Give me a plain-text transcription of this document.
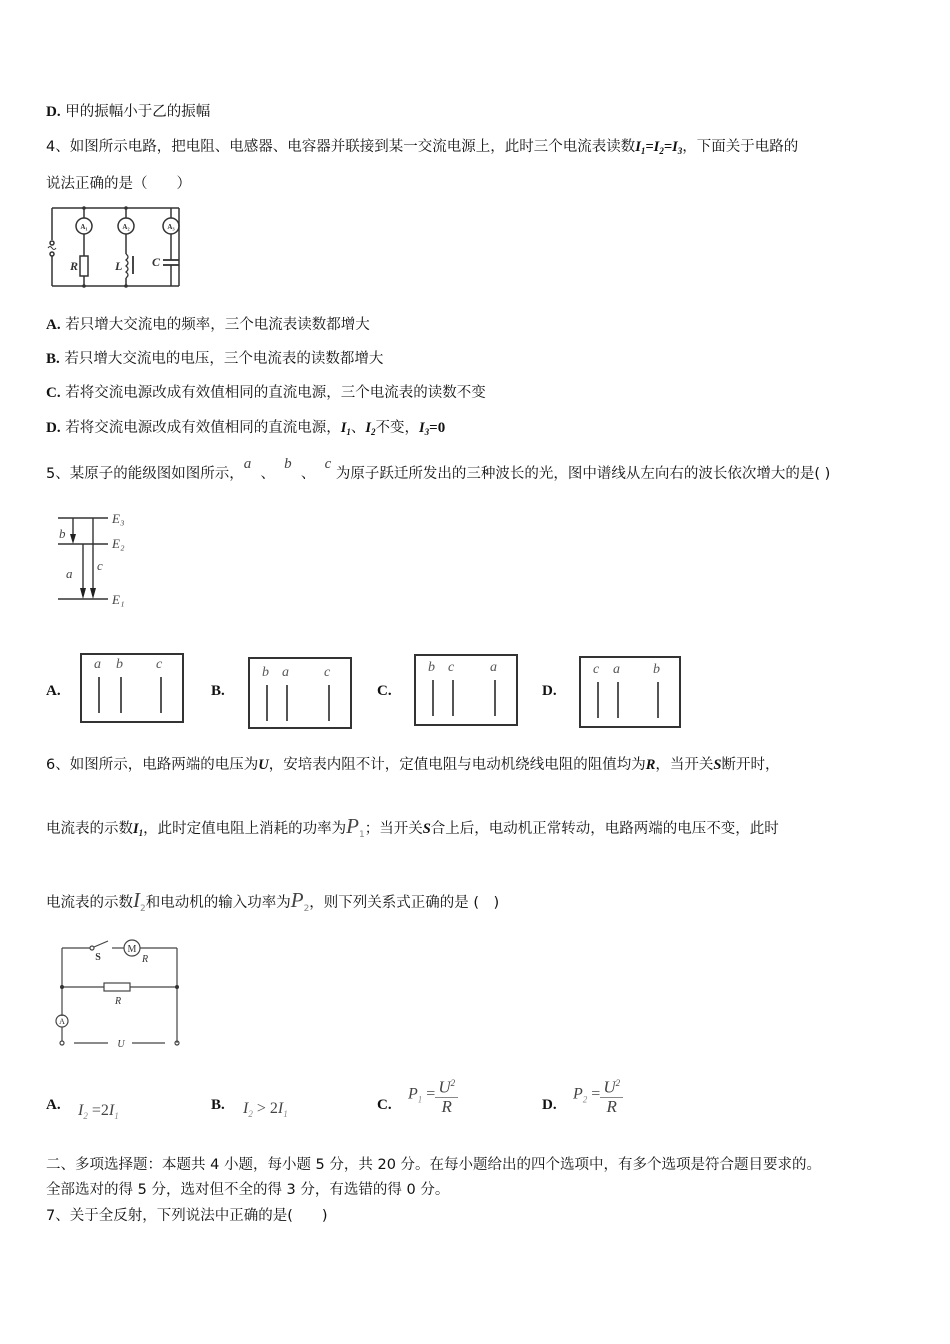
D. 甲的振幅小于乙的振幅
4、如图所示电路，把电阻、电感器、电容器并联接到某一交流电源上，此时三个电流表读数$I_1=I_2=I_3$，下面关于电路的
说法正确的是（　　）
A₁	A₂	A₃
R	L C
A. 若只增大交流电的频率，三个电流表读数都增大
B. 若只增大交流电的电压，三个电流表的读数都增大
C. 若将交流电源改成有效值相同的直流电源，三个电流表的读数不变
D. 若将交流电源改成有效值相同的直流电源，$I_1$、$I_2$不变，$I_3=0$
5、某原子的能级图如图所示，a  、  b  、  c 为原子跃迁所发出的三种波长的光，图中谱线从左向右的波长依次增大的是( )
E₃
E₂
E₁
b
a
c
A.
a b c
B.
b a	c
C.
b c	a
D.
c a b
6、如图所示，电路两端的电压为U，安培表内阻不计，定值电阻与电动机绕线电阻的阻值均为R，当开关S断开时，
电流表的示数$I_1$，此时定值电阻上消耗的功率为$P_1$；当开关S合上后，电动机正常转动，电路两端的电压不变，此时
电流表的示数$I_2$和电动机的输入功率为$P_2$，则下列关系式正确的是 (　)
S
M
R
R
A
U
A. $I_2 =2I_1$
B. $I_2 > 2I_1$
C.
$P_1 = \frac{U^2}{R}$	D.
$P_2 = \frac{U^2}{R}$
二、多项选择题：本题共 4 小题，每小题 5 分，共 20 分。在每小题给出的四个选项中，有多个选项是符合题目要求的。
全部选对的得 5 分，选对但不全的得 3 分，有选错的得 0 分。
7、关于全反射，下列说法中正确的是(　　)
